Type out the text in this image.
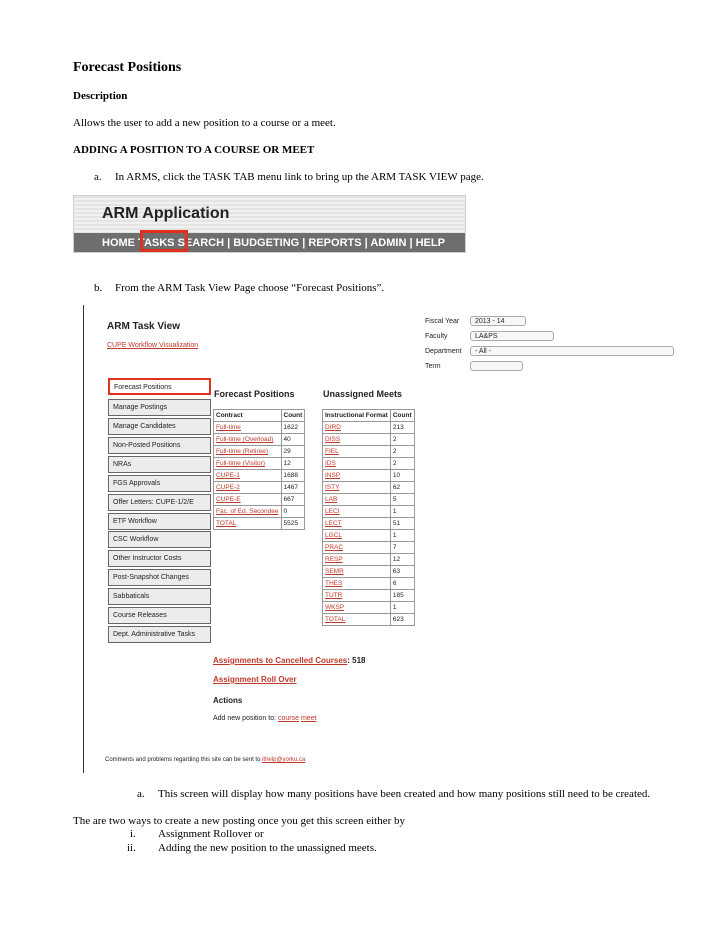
Forecast Positions
Description
Allows the user to add a new position to a course or a meet.
ADDING A POSITION TO A COURSE OR MEET
a. In ARMS, click the TASK TAB menu link to bring up the ARM TASK VIEW page.
ARM Application
HOME TASKS SEARCH | BUDGETING | REPORTS | ADMIN | HELP
b. From the ARM Task View Page choose “Forecast Positions”.
ARM Task View
CUPE Workflow Visualization
Fiscal Year	2013 - 14
Faculty	LA&PS
Department	- All -
Term
Forecast Positions
Manage Postings
Manage Candidates
Non-Posted Positions
NRAs
FGS Approvals
Offer Letters: CUPE-1/2/E
ETF Workflow
CSC Workflow
Other Instructor Costs
Post-Snapshot Changes
Sabbaticals
Course Releases
Dept. Administrative Tasks
Forecast Positions	Unassigned Meets
Contract	Count
Full-time	1622
Full-time (Overload)	40
Full-time (Retiree)	29
Full-time (Visitor)	12
CUPE-1	1688
CUPE-2	1467
CUPE-E	667
Fac. of Ed. Secondee	0
TOTAL	5525
Instructional Format	Count
DIRD	213
DISS	2
FIEL	2
IDS	2
INSP	10
ISTY	62
LAB	5
LECI	1
LECT	51
LGCL	1
PRAC	7
RESP	12
SEMR	63
THES	6
TUTR	185
WKSP	1
TOTAL	623
Assignments to Cancelled Courses: 518
Assignment Roll Over
Actions
Add new position to: course meet
Comments and problems regarding this site can be sent to ithelp@yorku.ca
a. This screen will display how many positions have been created and how many positions still need to be created.
The are two ways to create a new posting once you get this screen either by
i. Assignment Rollover or
ii. Adding the new position to the unassigned meets.
